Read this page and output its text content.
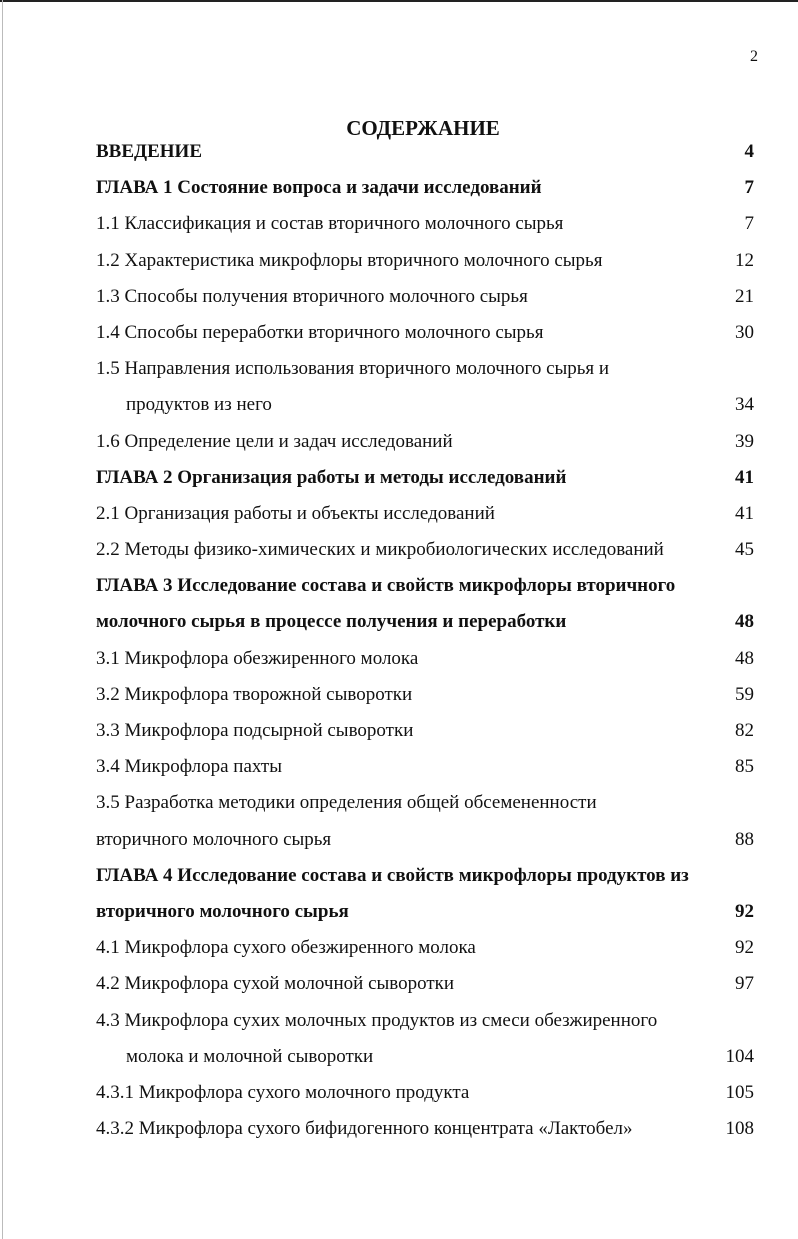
2
СОДЕРЖАНИЕ
ВВЕДЕНИЕ	4
ГЛАВА 1 Состояние вопроса и задачи исследований	7
1.1 Классификация и состав вторичного молочного сырья	7
1.2 Характеристика микрофлоры вторичного молочного сырья	12
1.3 Способы получения вторичного молочного сырья	21
1.4 Способы переработки вторичного молочного сырья	30
1.5 Направления использования вторичного молочного сырья и
продуктов из него	34
1.6 Определение цели и задач исследований	39
ГЛАВА 2 Организация работы и методы исследований	41
2.1 Организация работы и объекты исследований	41
2.2 Методы физико-химических и микробиологических исследований	45
ГЛАВА 3 Исследование состава и свойств микрофлоры вторичного
молочного сырья в процессе получения и переработки	48
3.1 Микрофлора обезжиренного молока	48
3.2 Микрофлора творожной сыворотки	59
3.3 Микрофлора подсырной сыворотки	82
3.4 Микрофлора пахты	85
3.5 Разработка методики определения общей обсемененности
вторичного молочного сырья	88
ГЛАВА 4 Исследование состава и свойств микрофлоры продуктов из
вторичного молочного сырья	92
4.1 Микрофлора сухого обезжиренного молока	92
4.2 Микрофлора сухой молочной сыворотки	97
4.3 Микрофлора сухих молочных продуктов из смеси обезжиренного
молока и молочной сыворотки	104
4.3.1 Микрофлора сухого молочного продукта	105
4.3.2 Микрофлора сухого бифидогенного концентрата «Лактобел»	108
